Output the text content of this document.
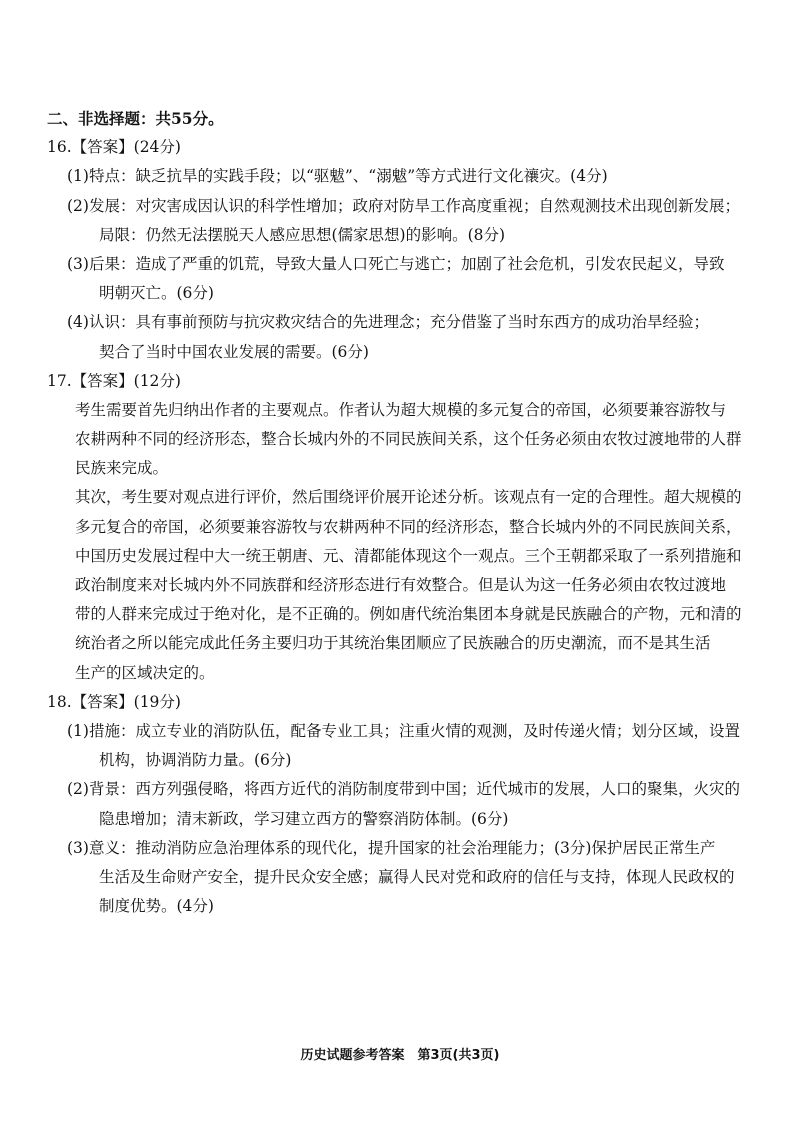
二、非选择题：共55分。
16.【答案】(24分)
(1)特点：缺乏抗旱的实践手段；以“驱魃”、“溺魃”等方式进行文化禳灾。(4分)
(2)发展：对灾害成因认识的科学性增加；政府对防旱工作高度重视；自然观测技术出现创新发展；
局限：仍然无法摆脱天人感应思想(儒家思想)的影响。(8分)
(3)后果：造成了严重的饥荒，导致大量人口死亡与逃亡；加剧了社会危机，引发农民起义，导致
明朝灭亡。(6分)
(4)认识：具有事前预防与抗灾救灾结合的先进理念；充分借鉴了当时东西方的成功治旱经验；
契合了当时中国农业发展的需要。(6分)
17.【答案】(12分)
考生需要首先归纳出作者的主要观点。作者认为超大规模的多元复合的帝国，必须要兼容游牧与
农耕两种不同的经济形态，整合长城内外的不同民族间关系，这个任务必须由农牧过渡地带的人群
民族来完成。
其次，考生要对观点进行评价，然后围绕评价展开论述分析。该观点有一定的合理性。超大规模的
多元复合的帝国，必须要兼容游牧与农耕两种不同的经济形态，整合长城内外的不同民族间关系，
中国历史发展过程中大一统王朝唐、元、清都能体现这个一观点。三个王朝都采取了一系列措施和
政治制度来对长城内外不同族群和经济形态进行有效整合。但是认为这一任务必须由农牧过渡地
带的人群来完成过于绝对化，是不正确的。例如唐代统治集团本身就是民族融合的产物，元和清的
统治者之所以能完成此任务主要归功于其统治集团顺应了民族融合的历史潮流，而不是其生活
生产的区域决定的。
18.【答案】(19分)
(1)措施：成立专业的消防队伍，配备专业工具；注重火情的观测，及时传递火情；划分区域，设置
机构，协调消防力量。(6分)
(2)背景：西方列强侵略，将西方近代的消防制度带到中国；近代城市的发展，人口的聚集，火灾的
隐患增加；清末新政，学习建立西方的警察消防体制。(6分)
(3)意义：推动消防应急治理体系的现代化，提升国家的社会治理能力；(3分)保护居民正常生产
生活及生命财产安全，提升民众安全感；赢得人民对党和政府的信任与支持，体现人民政权的
制度优势。(4分)
历史试题参考答案　第3页(共3页)
